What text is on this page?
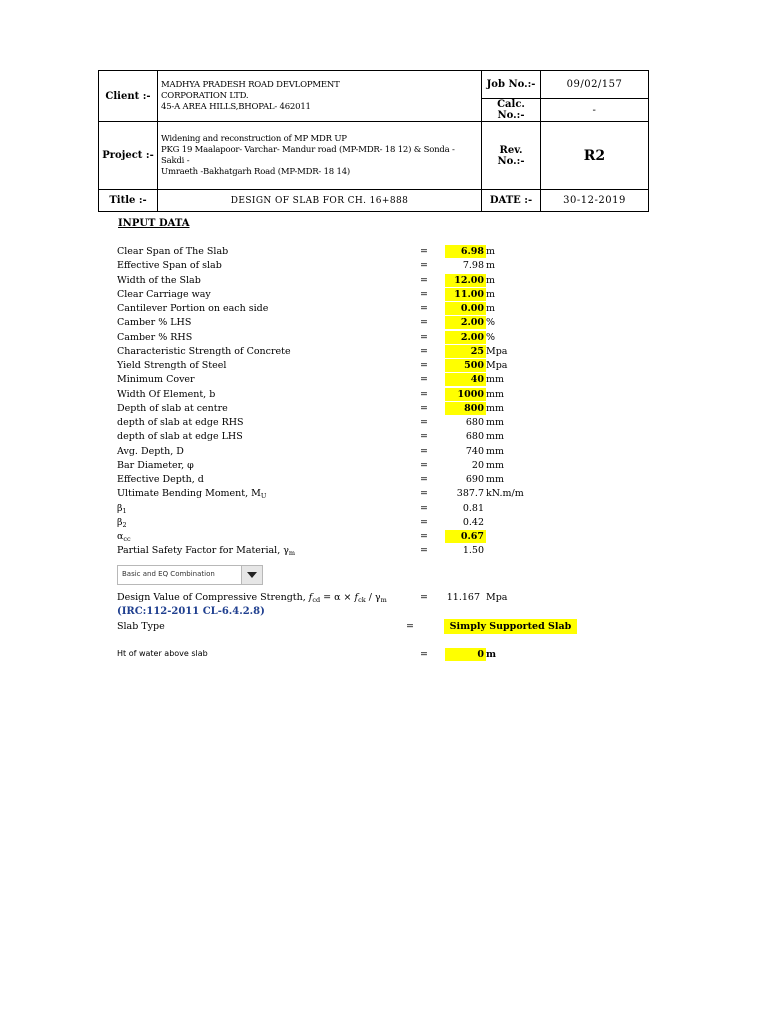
Client :-	MADHYA PRADESH ROAD DEVLOPMENT
CORPORATION LTD.
45-A AREA HILLS,BHOPAL- 462011	Job No.:-	09/02/157
		Calc. No.:-	-
Project :-	Widening and reconstruction of MP MDR UP
PKG 19 Maalapoor- Varchar- Mandur road (MP-MDR- 18 12) & Sonda - Sakdi -
Umraeth -Bakhatgarh Road (MP-MDR- 18 14)	Rev. No.:-	R2
Title :-	DESIGN OF SLAB FOR CH. 16+888	DATE :-	30-12-2019
INPUT DATA
Clear Span of The Slab	=	6.98 m
Effective Span of slab	=	7.98 m
Width of the Slab	=	12.00 m
Clear Carriage way	=	11.00 m
Cantilever Portion on each side	=	0.00 m
Camber % LHS	=	2.00 %
Camber % RHS	=	2.00 %
Characteristic Strength of Concrete	=	25 Mpa
Yield Strength of Steel	=	500 Mpa
Minimum Cover	=	40 mm
Width Of Element, b	=	1000 mm
Depth of slab at centre	=	800 mm
depth of slab at edge RHS	=	680 mm
depth of slab at edge LHS	=	680 mm
Avg. Depth, D	=	740 mm
Bar Diameter, φ	=	20 mm
Effective Depth, d	=	690 mm
Ultimate Bending Moment, $M_U$	=	387.7 kN.m/m
$\beta_1$	=	0.81
$\beta_2$	=	0.42
$\alpha_{cc}$	=	0.67
Partial Safety Factor for Material, $\gamma_m$	=	1.50
Basic and EQ Combination
Design Value of Compressive Strength, $f_{cd} = \alpha \times f_{ck} / \gamma_m$	=	11.167 Mpa
(IRC:112-2011 CL-6.4.2.8)
Slab Type	=	Simply Supported Slab
Ht of water above slab	=	0 m
